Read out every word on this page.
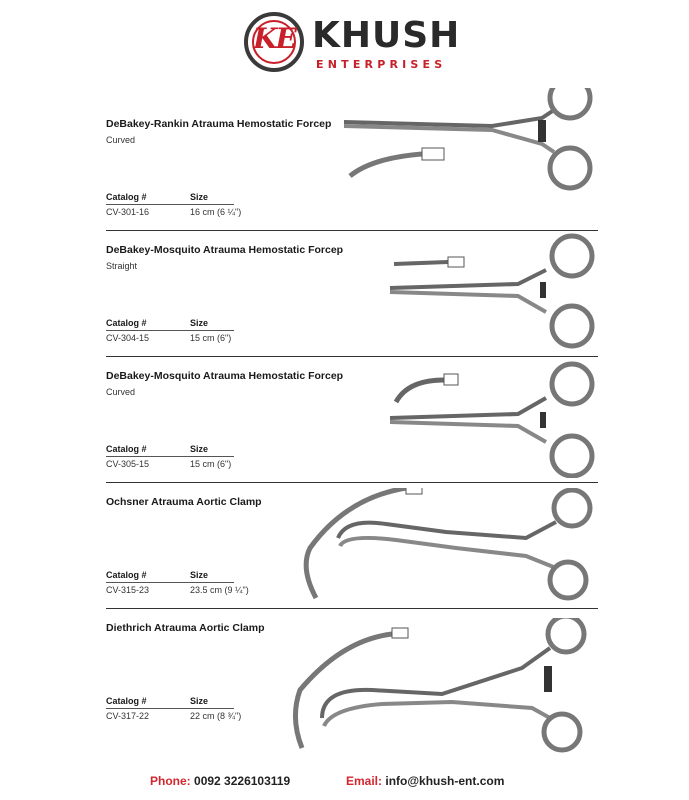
KE KHUSH
ENTERPRISES
DeBakey-Rankin Atrauma Hemostatic Forcep
Curved
Catalog #	Size
CV-301-16	16 cm (6 ¼")
DeBakey-Mosquito Atrauma Hemostatic Forcep
Straight
Catalog #	Size
CV-304-15	15 cm (6")
DeBakey-Mosquito Atrauma Hemostatic Forcep
Curved
Catalog #	Size
CV-305-15	15 cm (6")
Ochsner Atrauma Aortic Clamp
Catalog #	Size
CV-315-23	23.5 cm (9 ¼")
Diethrich Atrauma Aortic Clamp
Catalog #	Size
CV-317-22	22 cm (8 ¾")
Phone: 0092 3226103119	Email: info@khush-ent.com
